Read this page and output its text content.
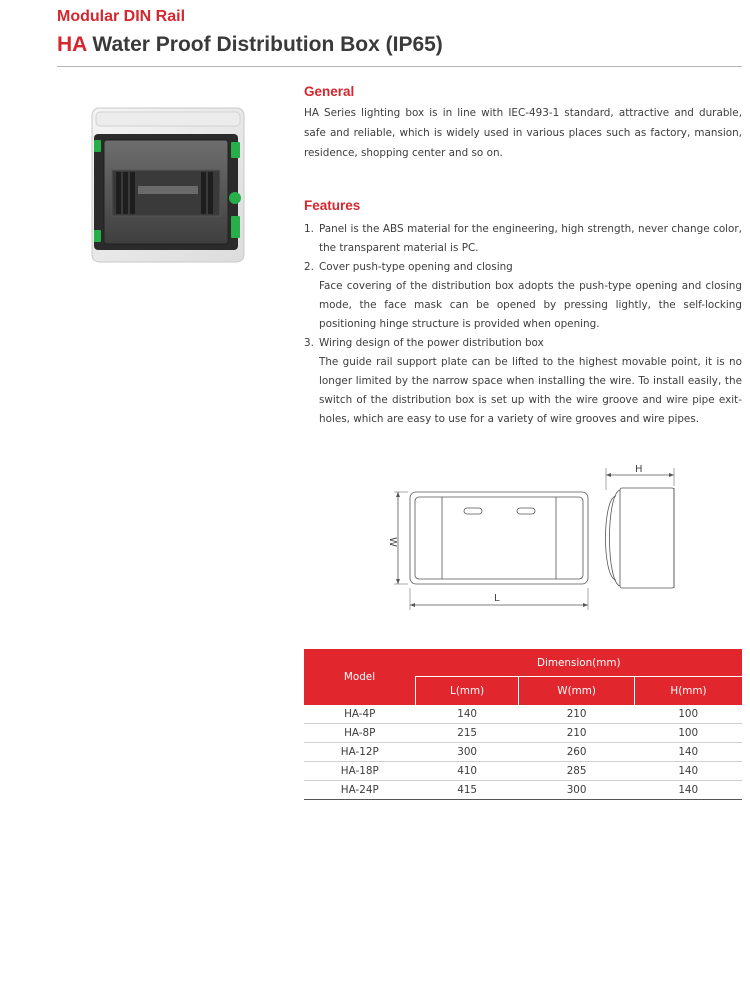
Modular DIN Rail
HA Water Proof Distribution Box (IP65)
General
HA Series lighting box is in line with IEC-493-1 standard, attractive and durable, safe and reliable, which is widely used in various places such as factory, mansion, residence, shopping center and so on.
Features
1. Panel is the ABS material for the engineering, high strength, never change color, the transparent material is PC.
2. Cover push-type opening and closing
Face covering of the distribution box adopts the push-type opening and closing mode, the face mask can be opened by pressing lightly, the self-locking positioning hinge structure is provided when opening.
3. Wiring design of the power distribution box
The guide rail support plate can be lifted to the highest movable point, it is no longer limited by the narrow space when installing the wire. To install easily, the switch of the distribution box is set up with the wire groove and wire pipe exit-holes, which are easy to use for a variety of wire grooves and wire pipes.
W
L
H
Model	Dimension(mm)		
	L(mm)	W(mm)	H(mm)
HA-4P	140	210	100
HA-8P	215	210	100
HA-12P	300	260	140
HA-18P	410	285	140
HA-24P	415	300	140
